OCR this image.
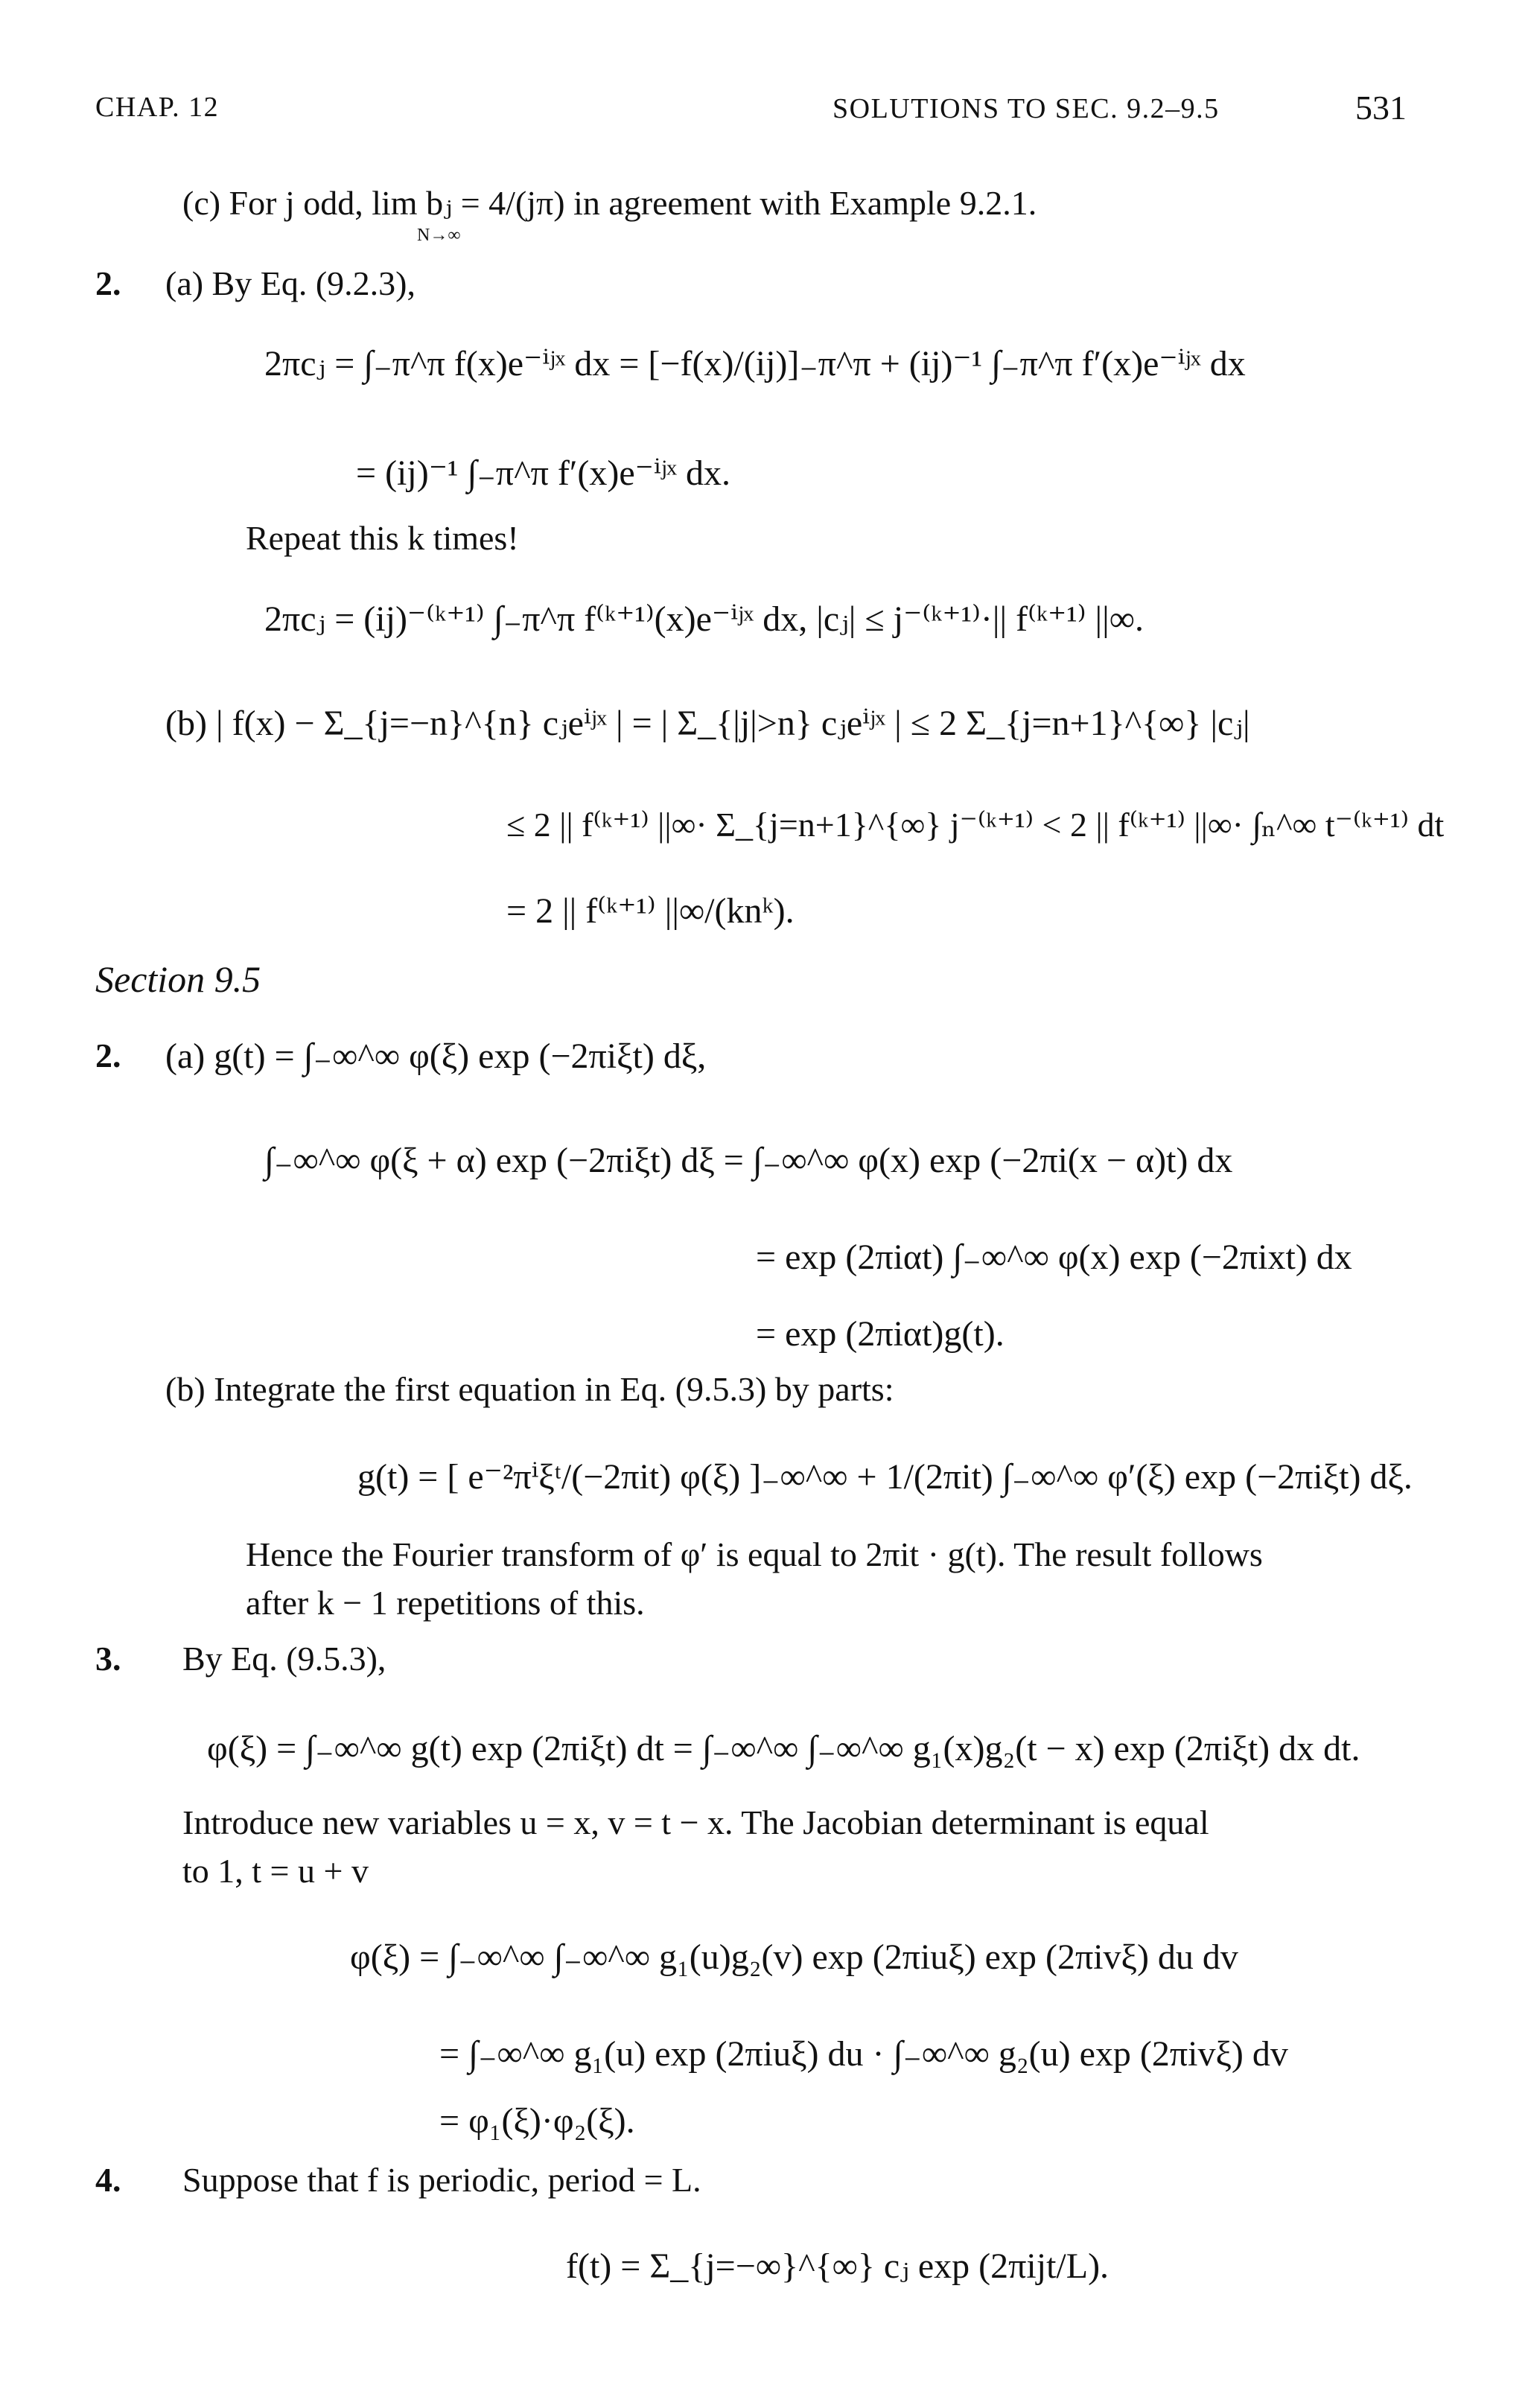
CHAP. 12	SOLUTIONS TO SEC. 9.2–9.5	531
(c) For j odd, lim bⱼ = 4/(jπ) in agreement with Example 9.2.1.
N→∞
2. (a) By Eq. (9.2.3),
2πcⱼ = ∫₋π^π f(x)e⁻ⁱʲˣ dx = [−f(x)/(ij)]₋π^π + (ij)⁻¹ ∫₋π^π f′(x)e⁻ⁱʲˣ dx
= (ij)⁻¹ ∫₋π^π f′(x)e⁻ⁱʲˣ dx.
Repeat this k times!
2πcⱼ = (ij)⁻⁽ᵏ⁺¹⁾ ∫₋π^π f⁽ᵏ⁺¹⁾(x)e⁻ⁱʲˣ dx, |cⱼ| ≤ j⁻⁽ᵏ⁺¹⁾·|| f⁽ᵏ⁺¹⁾ ||∞.
(b) | f(x) − Σ_{j=−n}^{n} cⱼeⁱʲˣ | = | Σ_{|j|>n} cⱼeⁱʲˣ | ≤ 2 Σ_{j=n+1}^{∞} |cⱼ|
≤ 2 || f⁽ᵏ⁺¹⁾ ||∞· Σ_{j=n+1}^{∞} j⁻⁽ᵏ⁺¹⁾ < 2 || f⁽ᵏ⁺¹⁾ ||∞· ∫ₙ^∞ t⁻⁽ᵏ⁺¹⁾ dt
= 2 || f⁽ᵏ⁺¹⁾ ||∞/(knᵏ).
Section 9.5
2. (a) g(t) = ∫₋∞^∞ φ(ξ) exp (−2πiξt) dξ,
∫₋∞^∞ φ(ξ + α) exp (−2πiξt) dξ = ∫₋∞^∞ φ(x) exp (−2πi(x − α)t) dx
= exp (2πiαt) ∫₋∞^∞ φ(x) exp (−2πixt) dx
= exp (2πiαt)g(t).
(b) Integrate the first equation in Eq. (9.5.3) by parts:
g(t) = [ e⁻²πⁱξᵗ/(−2πit) φ(ξ) ]₋∞^∞ + 1/(2πit) ∫₋∞^∞ φ′(ξ) exp (−2πiξt) dξ.
Hence the Fourier transform of φ′ is equal to 2πit · g(t). The result follows
after k − 1 repetitions of this.
3. By Eq. (9.5.3),
φ(ξ) = ∫₋∞^∞ g(t) exp (2πiξt) dt = ∫₋∞^∞ ∫₋∞^∞ g₁(x)g₂(t − x) exp (2πiξt) dx dt.
Introduce new variables u = x, v = t − x. The Jacobian determinant is equal
to 1, t = u + v
φ(ξ) = ∫₋∞^∞ ∫₋∞^∞ g₁(u)g₂(v) exp (2πiuξ) exp (2πivξ) du dv
= ∫₋∞^∞ g₁(u) exp (2πiuξ) du · ∫₋∞^∞ g₂(u) exp (2πivξ) dv
= φ₁(ξ)·φ₂(ξ).
4. Suppose that f is periodic, period = L.
f(t) = Σ_{j=−∞}^{∞} cⱼ exp (2πijt/L).
